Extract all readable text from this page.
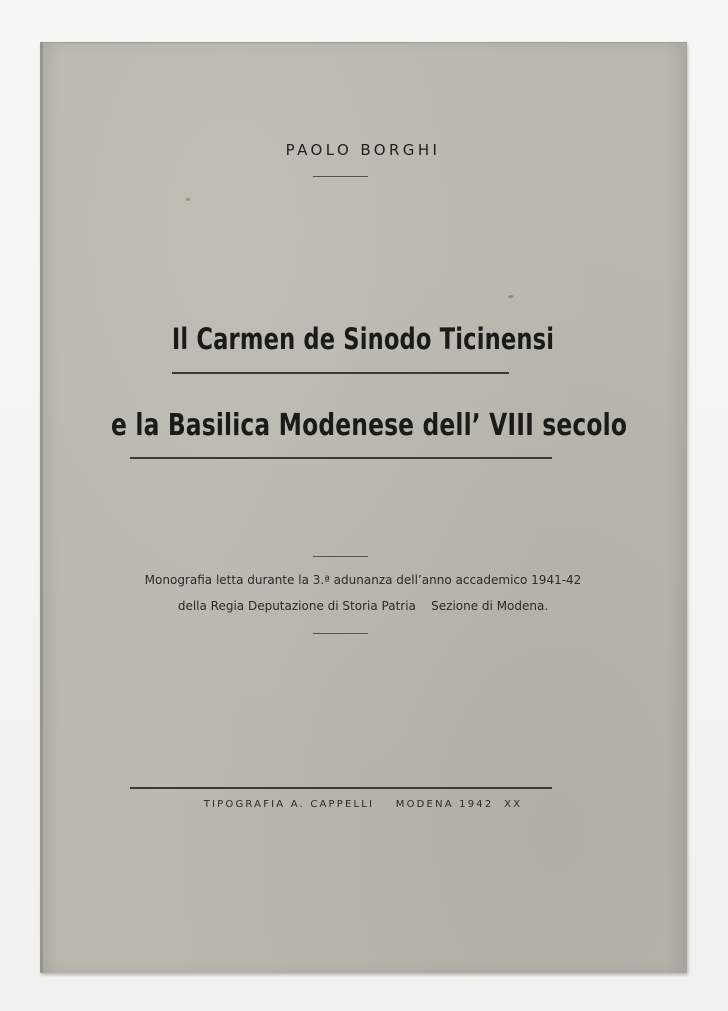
PAOLO BORGHI
Il Carmen de Sinodo Ticinensi
e la Basilica Modenese dell’ VIII secolo
Monografia letta durante la 3.ª adunanza dell’anno accademico 1941-42
della Regia Deputazione di Storia Patria    Sezione di Modena.
TIPOGRAFIA A. CAPPELLI    MODENA 1942  XX
